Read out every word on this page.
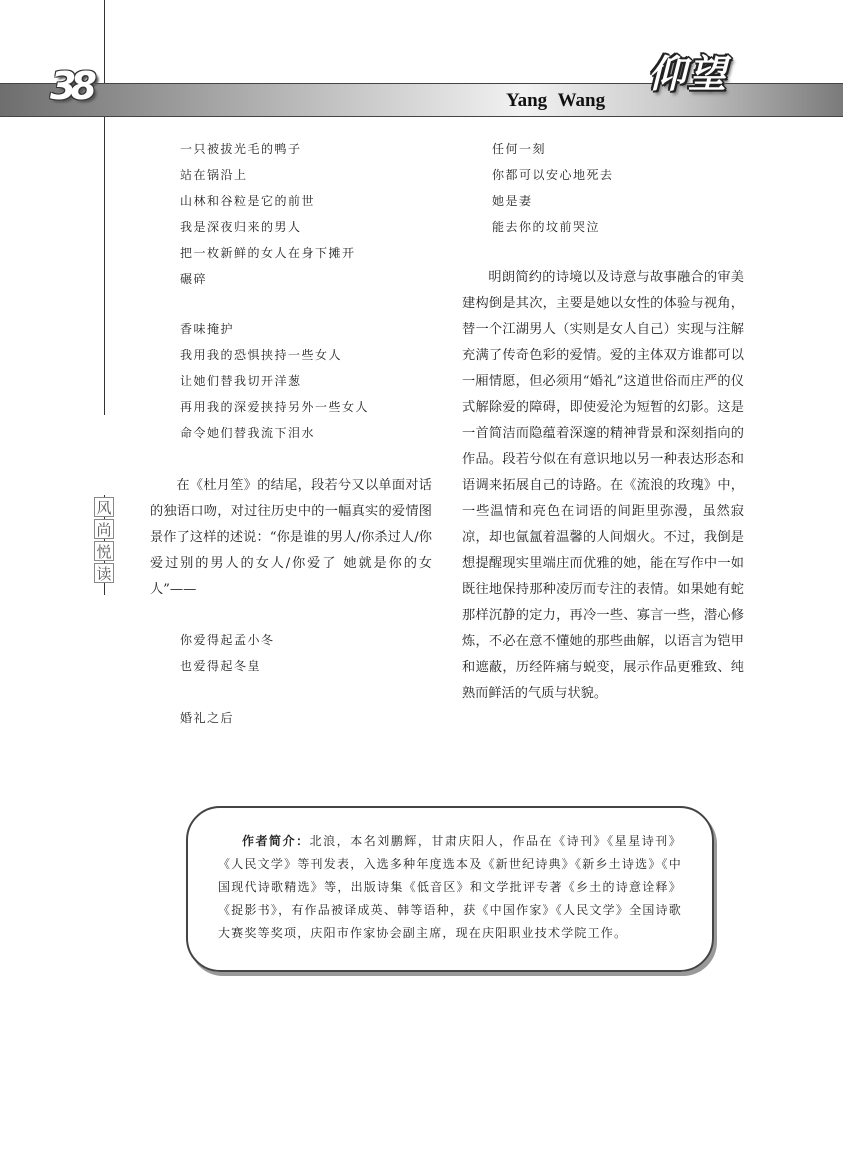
38	Yang Wang
仰望
风
尚
悦
读
一只被拔光毛的鸭子
站在锅沿上
山林和谷粒是它的前世
我是深夜归来的男人
把一枚新鲜的女人在身下摊开
碾碎
香味掩护
我用我的恐惧挟持一些女人
让她们替我切开洋葱
再用我的深爱挟持另外一些女人
命令她们替我流下泪水

在《杜月笙》的结尾，段若兮又以单面对话的独语口吻，对过往历史中的一幅真实的爱情图景作了这样的述说：“你是谁的男人/你杀过人/你爱过别的男人的女人/你爱了 她就是你的女人”——

你爱得起孟小冬
也爱得起冬皇
婚礼之后
任何一刻
你都可以安心地死去
她是妻
能去你的坟前哭泣

明朗简约的诗境以及诗意与故事融合的审美建构倒是其次，主要是她以女性的体验与视角，替一个江湖男人（实则是女人自己）实现与注解充满了传奇色彩的爱情。爱的主体双方谁都可以一厢情愿，但必须用“婚礼”这道世俗而庄严的仪式解除爱的障碍，即使爱沦为短暂的幻影。这是一首简洁而隐蕴着深邃的精神背景和深刻指向的作品。段若兮似在有意识地以另一种表达形态和语调来拓展自己的诗路。在《流浪的玫瑰》中，一些温情和亮色在词语的间距里弥漫，虽然寂凉，却也氤氲着温馨的人间烟火。不过，我倒是想提醒现实里端庄而优雅的她，能在写作中一如既往地保持那种凌厉而专注的表情。如果她有蛇那样沉静的定力，再冷一些、寡言一些，潜心修炼，不必在意不懂她的那些曲解，以语言为铠甲和遮蔽，历经阵痛与蜕变，展示作品更雅致、纯熟而鲜活的气质与状貌。

作者简介：北浪，本名刘鹏辉，甘肃庆阳人，作品在《诗刊》《星星诗刊》《人民文学》等刊发表，入选多种年度选本及《新世纪诗典》《新乡土诗选》《中国现代诗歌精选》等，出版诗集《低音区》和文学批评专著《乡土的诗意诠释》《捉影书》，有作品被译成英、韩等语种，获《中国作家》《人民文学》全国诗歌大赛奖等奖项，庆阳市作家协会副主席，现在庆阳职业技术学院工作。
